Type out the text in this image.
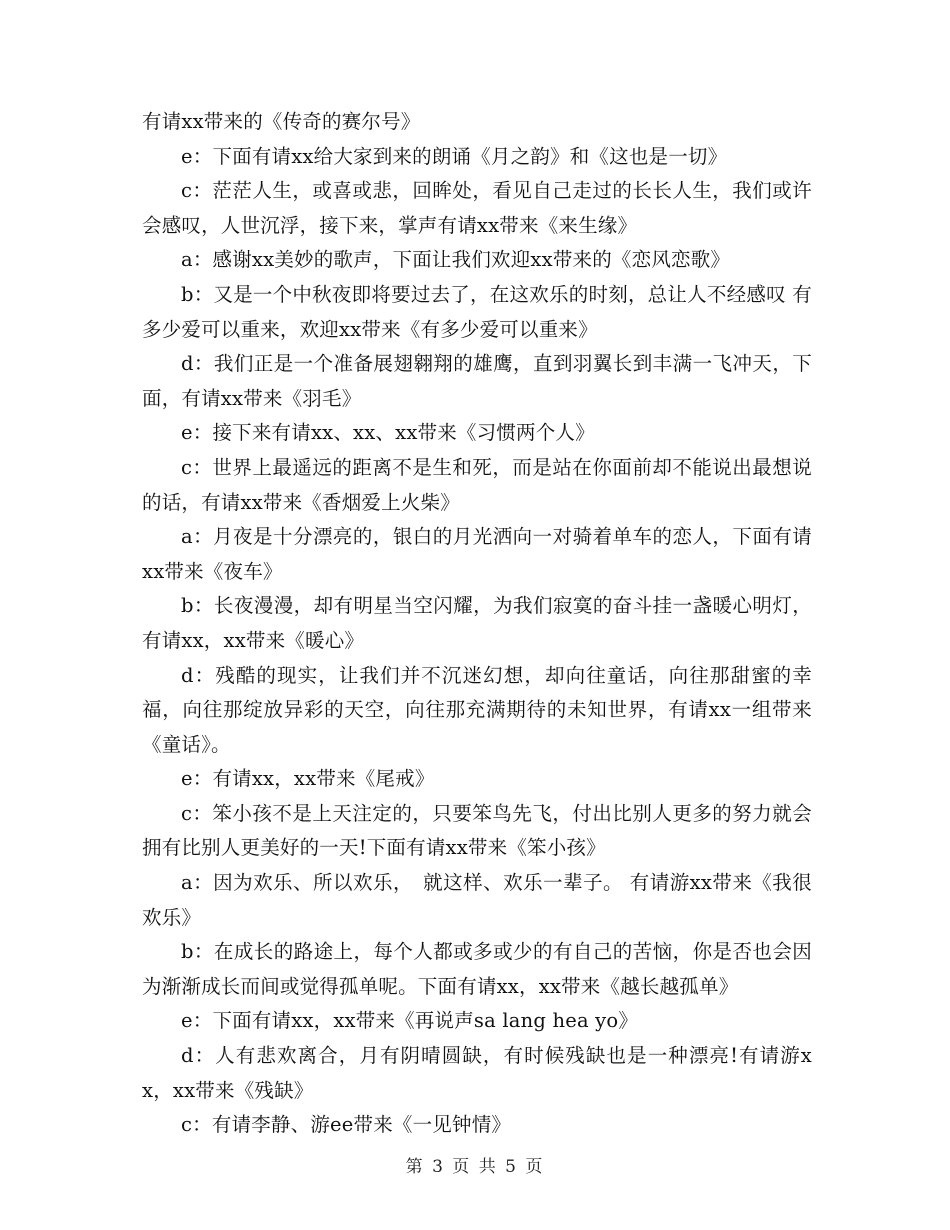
有请xx带来的《传奇的赛尔号》

e：下面有请xx给大家到来的朗诵《月之韵》和《这也是一切》

c：茫茫人生，或喜或悲，回眸处，看见自己走过的长长人生，我们或许会感叹，人世沉浮，接下来，掌声有请xx带来《来生缘》

a：感谢xx美妙的歌声，下面让我们欢迎xx带来的《恋风恋歌》

b：又是一个中秋夜即将要过去了，在这欢乐的时刻，总让人不经感叹 有多少爱可以重来，欢迎xx带来《有多少爱可以重来》

d：我们正是一个准备展翅翱翔的雄鹰，直到羽翼长到丰满一飞冲天，下面，有请xx带来《羽毛》

e：接下来有请xx、xx、xx带来《习惯两个人》

c：世界上最遥远的距离不是生和死，而是站在你面前却不能说出最想说的话，有请xx带来《香烟爱上火柴》

a：月夜是十分漂亮的，银白的月光洒向一对骑着单车的恋人，下面有请xx带来《夜车》

b：长夜漫漫，却有明星当空闪耀，为我们寂寞的奋斗挂一盏暖心明灯，有请xx，xx带来《暖心》

d：残酷的现实，让我们并不沉迷幻想，却向往童话，向往那甜蜜的幸福，向往那绽放异彩的天空，向往那充满期待的未知世界，有请xx一组带来《童话》。

e：有请xx，xx带来《尾戒》

c：笨小孩不是上天注定的，只要笨鸟先飞，付出比别人更多的努力就会拥有比别人更美好的一天!下面有请xx带来《笨小孩》

a：因为欢乐、所以欢乐，　就这样、欢乐一辈子。 有请游xx带来《我很欢乐》

b：在成长的路途上，每个人都或多或少的有自己的苦恼，你是否也会因为渐渐成长而间或觉得孤单呢。下面有请xx，xx带来《越长越孤单》

e：下面有请xx，xx带来《再说声sa lang hea yo》

d：人有悲欢离合，月有阴晴圆缺，有时候残缺也是一种漂亮!有请游xx，xx带来《残缺》

c：有请李静、游ee带来《一见钟情》

第 3 页 共 5 页
